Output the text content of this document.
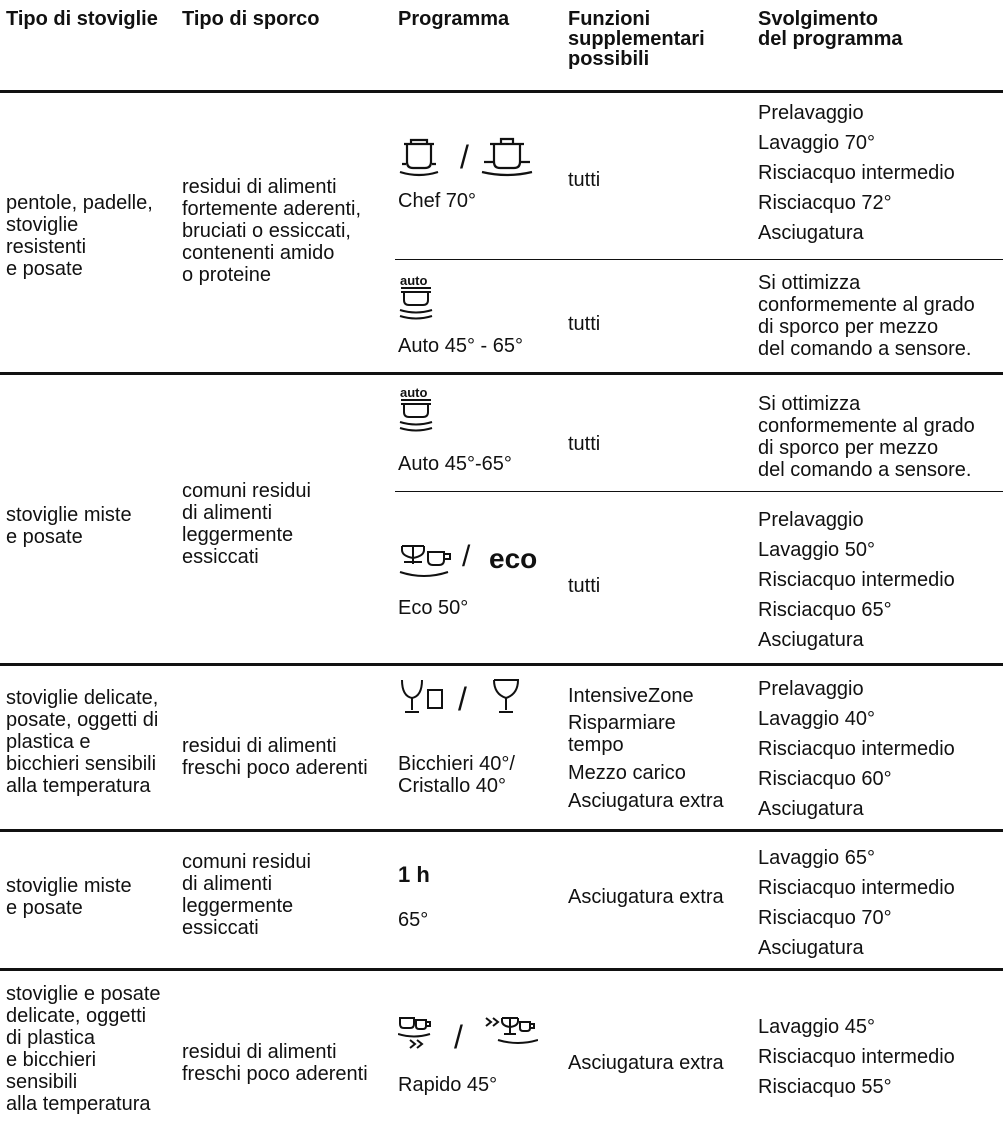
Tipo di stoviglie Tipo di sporco	Programma	Funzioni
supplementari
possibili
Svolgimento
del programma
pentole, padelle,
stoviglie
resistenti
e posate
residui di alimenti
fortemente aderenti,
bruciati o essiccati,
contenenti amido
o proteine
/
Chef 70°
tutti
Prelavaggio
Lavaggio 70°
Risciacquo intermedio
Risciacquo 72°
Asciugatura
auto
Auto 45° - 65°
tutti
Si ottimizza
conformemente al grado
di sporco per mezzo
del comando a sensore.
stoviglie miste
e posate
comuni residui
di alimenti
leggermente
essiccati
auto
Auto 45°-65°
tutti
Si ottimizza
conformemente al grado
di sporco per mezzo
del comando a sensore.
/ eco
Eco 50°
tutti
Prelavaggio
Lavaggio 50°
Risciacquo intermedio
Risciacquo 65°
Asciugatura
stoviglie delicate,
posate, oggetti di
plastica e
bicchieri sensibili
alla temperatura
residui di alimenti
freschi poco aderenti
/
Bicchieri 40°/
Cristallo 40°
IntensiveZone
Risparmiare
tempo
Mezzo carico
Asciugatura extra
Prelavaggio
Lavaggio 40°
Risciacquo intermedio
Risciacquo 60°
Asciugatura
stoviglie miste
e posate
comuni residui
di alimenti
leggermente
essiccati
1 h
65°
Asciugatura extra
Lavaggio 65°
Risciacquo intermedio
Risciacquo 70°
Asciugatura
stoviglie e posate
delicate, oggetti
di plastica
e bicchieri
sensibili
alla temperatura
residui di alimenti
freschi poco aderenti
/
Rapido 45°
Asciugatura extra
Lavaggio 45°
Risciacquo intermedio
Risciacquo 55°
